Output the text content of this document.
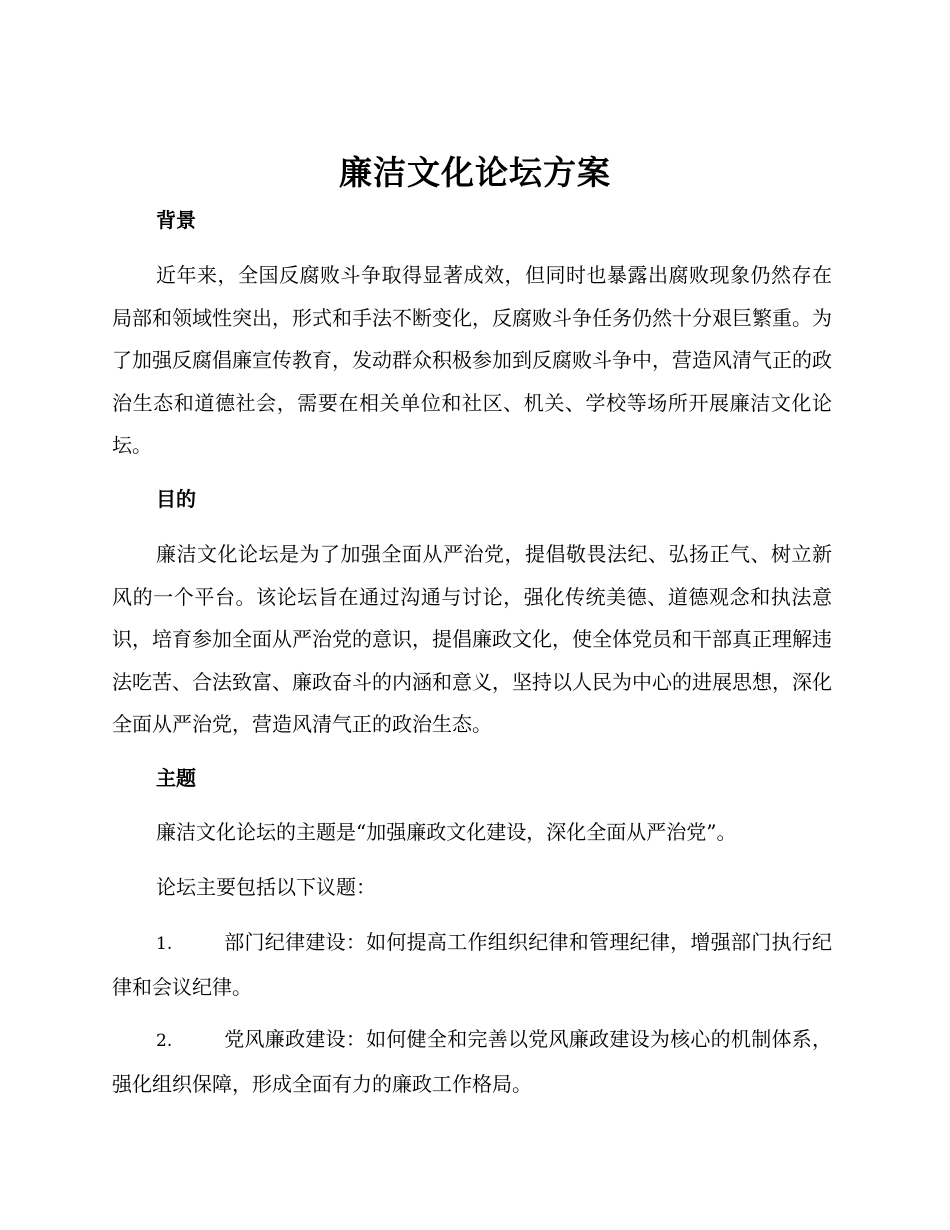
廉洁文化论坛方案
背景

近年来，全国反腐败斗争取得显著成效，但同时也暴露出腐败现象仍然存在局部和领域性突出，形式和手法不断变化，反腐败斗争任务仍然十分艰巨繁重。为了加强反腐倡廉宣传教育，发动群众积极参加到反腐败斗争中，营造风清气正的政治生态和道德社会，需要在相关单位和社区、机关、学校等场所开展廉洁文化论坛。

目的

廉洁文化论坛是为了加强全面从严治党，提倡敬畏法纪、弘扬正气、树立新风的一个平台。该论坛旨在通过沟通与讨论，强化传统美德、道德观念和执法意识，培育参加全面从严治党的意识，提倡廉政文化，使全体党员和干部真正理解违法吃苦、合法致富、廉政奋斗的内涵和意义，坚持以人民为中心的进展思想，深化全面从严治党，营造风清气正的政治生态。

主题

廉洁文化论坛的主题是“加强廉政文化建设，深化全面从严治党”。

论坛主要包括以下议题：

1.	部门纪律建设：如何提高工作组织纪律和管理纪律，增强部门执行纪律和会议纪律。

2.	党风廉政建设：如何健全和完善以党风廉政建设为核心的机制体系，强化组织保障，形成全面有力的廉政工作格局。
